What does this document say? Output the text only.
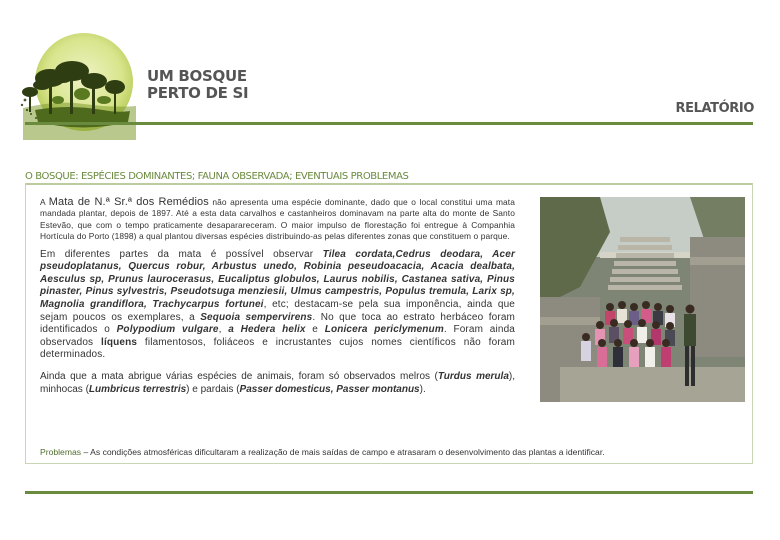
UM BOSQUE
PERTO DE SI
RELATÓRIO
O BOSQUE: ESPÉCIES DOMINANTES; FAUNA OBSERVADA; EVENTUAIS PROBLEMAS

A Mata de N.ª Sr.ª dos Remédios não apresenta uma espécie dominante, dado que o local constitui uma mata mandada plantar, depois de 1897. Até a esta data carvalhos e castanheiros dominavam na parte alta do monte de Santo Estevão, que com o tempo praticamente desaparareceram. O maior impulso de florestação foi entregue à Companhia Hortícula do Porto (1898) a qual plantou diversas espécies distribuindo-as pelas diferentes zonas que constituem o parque.

Em diferentes partes da mata é possível observar Tilea cordata,Cedrus deodara, Acer pseudoplatanus, Quercus robur, Arbustus unedo, Robinia peseudoacacia, Acacia dealbata, Aesculus sp, Prunus laurocerasus, Eucaliptus globulos, Laurus nobilis, Castanea sativa, Pinus pinaster, Pinus sylvestris, Pseudotsuga menziesii, Ulmus campestris, Populus tremula, Larix sp, Magnolia grandiflora, Trachycarpus fortunei, etc; destacam-se pela sua imponência, ainda que sejam poucos os exemplares, a Sequoia sempervirens. No que toca ao estrato herbáceo foram identificados o Polypodium vulgare, a Hedera helix e Lonicera periclymenum. Foram ainda observados líquens filamentosos, foliáceos e incrustantes cujos nomes científicos não foram determinados.

Ainda que a mata abrigue várias espécies de animais, foram só observados melros (Turdus merula), minhocas (Lumbricus terrestris) e pardais (Passer domesticus, Passer montanus).

Problemas – As condições atmosféricas dificultaram a realização de mais saídas de campo e atrasaram o desenvolvimento das plantas a identificar.
